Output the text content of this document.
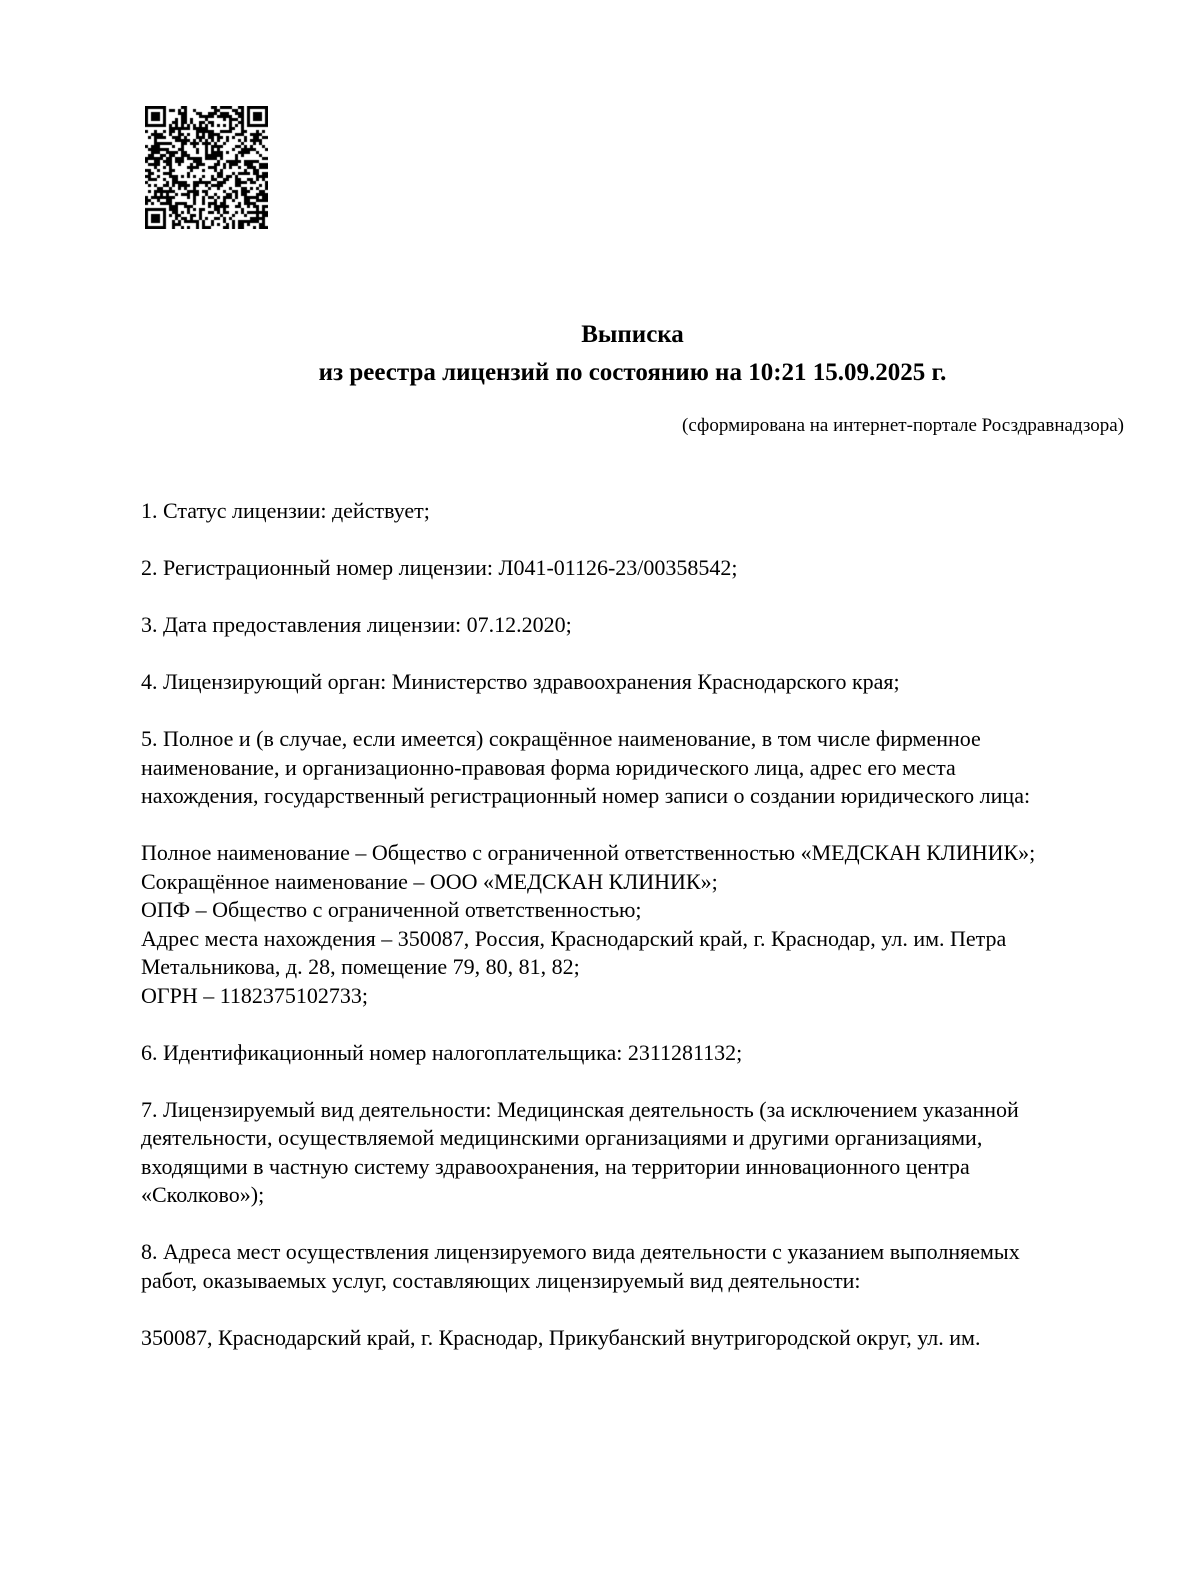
Выписка
из реестра лицензий по состоянию на 10:21 15.09.2025 г.
(сформирована на интернет-портале Росздравнадзора)
1. Статус лицензии: действует;
2. Регистрационный номер лицензии: Л041-01126-23/00358542;
3. Дата предоставления лицензии: 07.12.2020;
4. Лицензирующий орган: Министерство здравоохранения Краснодарского края;
5. Полное и (в случае, если имеется) сокращённое наименование, в том числе фирменное
наименование, и организационно-правовая форма юридического лица, адрес его места
нахождения, государственный регистрационный номер записи о создании юридического лица:
Полное наименование – Общество с ограниченной ответственностью «МЕДСКАН КЛИНИК»;
Сокращённое наименование – ООО «МЕДСКАН КЛИНИК»;
ОПФ – Общество с ограниченной ответственностью;
Адрес места нахождения – 350087, Россия, Краснодарский край, г. Краснодар, ул. им. Петра
Метальникова, д. 28, помещение 79, 80, 81, 82;
ОГРН – 1182375102733;
6. Идентификационный номер налогоплательщика: 2311281132;
7. Лицензируемый вид деятельности: Медицинская деятельность (за исключением указанной
деятельности, осуществляемой медицинскими организациями и другими организациями,
входящими в частную систему здравоохранения, на территории инновационного центра
«Сколково»);
8. Адреса мест осуществления лицензируемого вида деятельности с указанием выполняемых
работ, оказываемых услуг, составляющих лицензируемый вид деятельности:
350087, Краснодарский край, г. Краснодар, Прикубанский внутригородской округ, ул. им.
